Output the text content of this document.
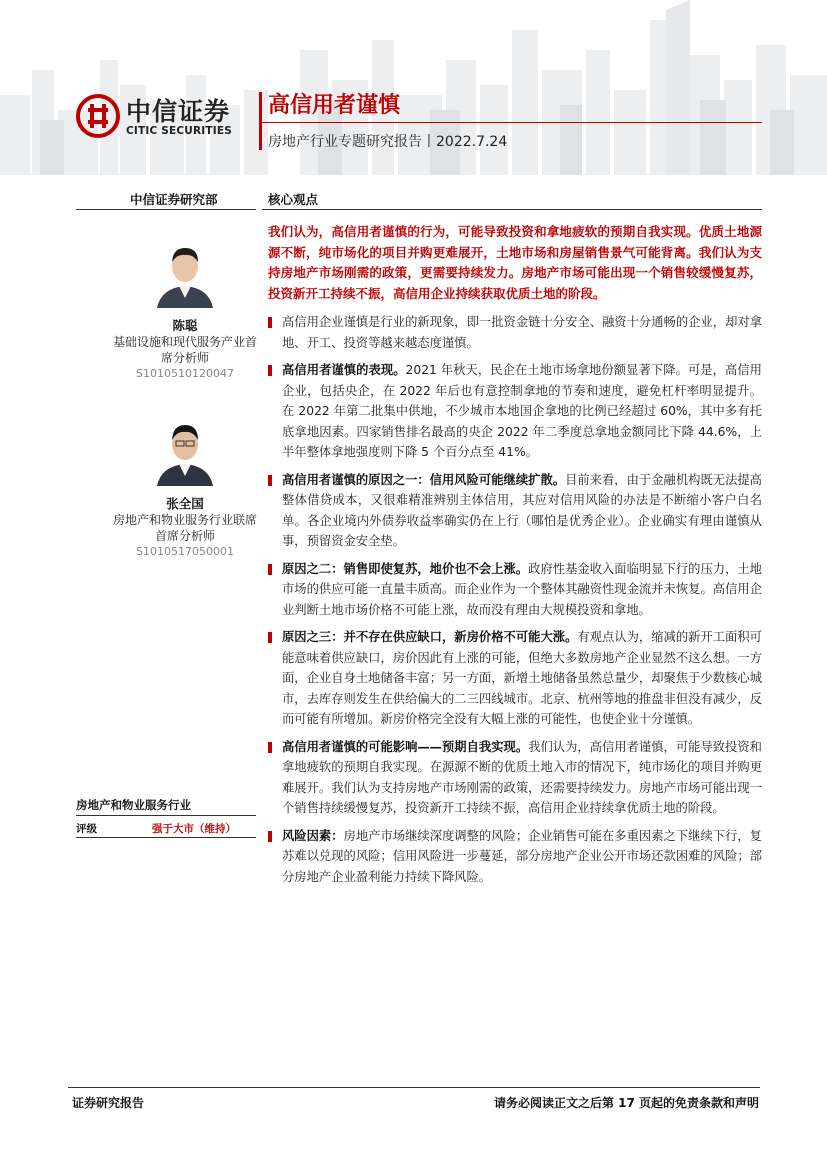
中信证券
CITIC SECURITIES
高信用者谨慎
房地产行业专题研究报告丨2022.7.24
中信证券研究部	核心观点
陈聪
基础设施和现代服务产业首席分析师
S1010510120047
张全国
房地产和物业服务行业联席首席分析师
S1010517050001
房地产和物业服务行业
评级	强于大市（维持）

我们认为，高信用者谨慎的行为，可能导致投资和拿地疲软的预期自我实现。优质土地源源不断，纯市场化的项目并购更难展开，土地市场和房屋销售景气可能背离。我们认为支持房地产市场刚需的政策，更需要持续发力。房地产市场可能出现一个销售较缓慢复苏，投资新开工持续不振，高信用企业持续获取优质土地的阶段。

高信用企业谨慎是行业的新现象，即一批资金链十分安全、融资十分通畅的企业，却对拿地、开工、投资等越来越态度谨慎。

高信用者谨慎的表现。2021 年秋天，民企在土地市场拿地份额显著下降。可是，高信用企业，包括央企，在 2022 年后也有意控制拿地的节奏和速度，避免杠杆率明显提升。在 2022 年第二批集中供地，不少城市本地国企拿地的比例已经超过 60%，其中多有托底拿地因素。四家销售排名最高的央企 2022 年二季度总拿地金额同比下降 44.6%，上半年整体拿地强度则下降 5 个百分点至 41%。

高信用者谨慎的原因之一：信用风险可能继续扩散。目前来看，由于金融机构既无法提高整体借贷成本，又很难精准辨别主体信用，其应对信用风险的办法是不断缩小客户白名单。各企业境内外债券收益率确实仍在上行（哪怕是优秀企业）。企业确实有理由谨慎从事，预留资金安全垫。

原因之二：销售即使复苏，地价也不会上涨。政府性基金收入面临明显下行的压力，土地市场的供应可能一直量丰质高。而企业作为一个整体其融资性现金流并未恢复。高信用企业判断土地市场价格不可能上涨，故而没有理由大规模投资和拿地。

原因之三：并不存在供应缺口，新房价格不可能大涨。有观点认为，缩减的新开工面积可能意味着供应缺口，房价因此有上涨的可能，但绝大多数房地产企业显然不这么想。一方面，企业自身土地储备丰富；另一方面，新增土地储备虽然总量少，却聚焦于少数核心城市，去库存则发生在供给偏大的二三四线城市。北京、杭州等地的推盘非但没有减少，反而可能有所增加。新房价格完全没有大幅上涨的可能性，也使企业十分谨慎。

高信用者谨慎的可能影响——预期自我实现。我们认为，高信用者谨慎，可能导致投资和拿地疲软的预期自我实现。在源源不断的优质土地入市的情况下，纯市场化的项目并购更难展开。我们认为支持房地产市场刚需的政策，还需要持续发力。房地产市场可能出现一个销售持续缓慢复苏，投资新开工持续不振，高信用企业持续拿优质土地的阶段。

风险因素：房地产市场继续深度调整的风险；企业销售可能在多重因素之下继续下行，复苏难以兑现的风险；信用风险进一步蔓延，部分房地产企业公开市场还款困难的风险；部分房地产企业盈利能力持续下降风险。

证券研究报告	请务必阅读正文之后第 17 页起的免责条款和声明
